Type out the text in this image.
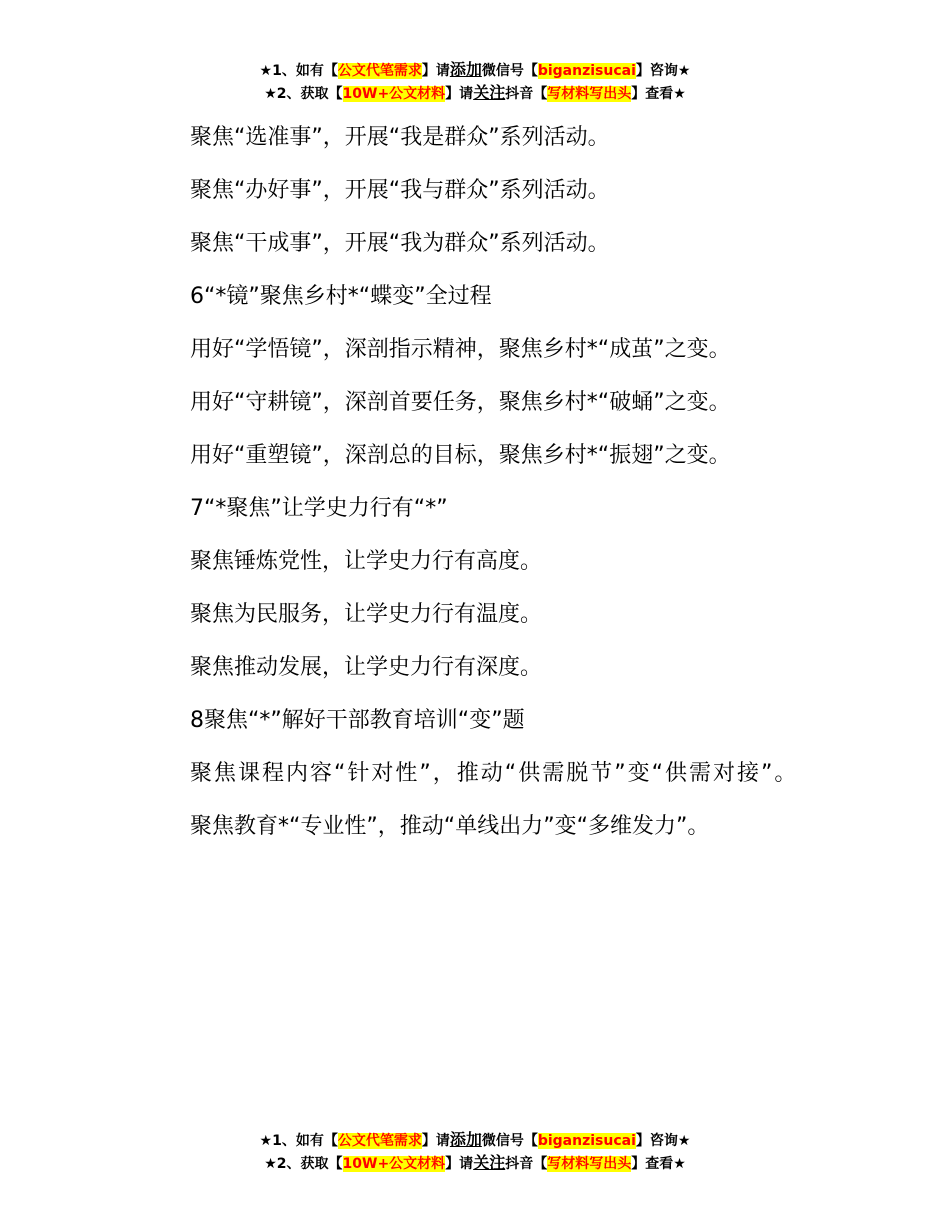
★1、如有【公文代笔需求】请添加微信号【biganzisucai】咨询★
★2、获取【10W+公文材料】请关注抖音【写材料写出头】查看★

聚焦“选准事”，开展“我是群众”系列活动。

聚焦“办好事”，开展“我与群众”系列活动。

聚焦“干成事”，开展“我为群众”系列活动。

6“*镜”聚焦乡村*“蝶变”全过程

用好“学悟镜”，深剖指示精神，聚焦乡村*“成茧”之变。

用好“守耕镜”，深剖首要任务，聚焦乡村*“破蛹”之变。

用好“重塑镜”，深剖总的目标，聚焦乡村*“振翅”之变。

7“*聚焦”让学史力行有“*”

聚焦锤炼党性，让学史力行有高度。

聚焦为民服务，让学史力行有温度。

聚焦推动发展，让学史力行有深度。

8聚焦“*”解好干部教育培训“变”题

聚焦课程内容“针对性”，推动“供需脱节”变“供需对接”。

聚焦教育*“专业性”，推动“单线出力”变“多维发力”。

★1、如有【公文代笔需求】请添加微信号【biganzisucai】咨询★
★2、获取【10W+公文材料】请关注抖音【写材料写出头】查看★
